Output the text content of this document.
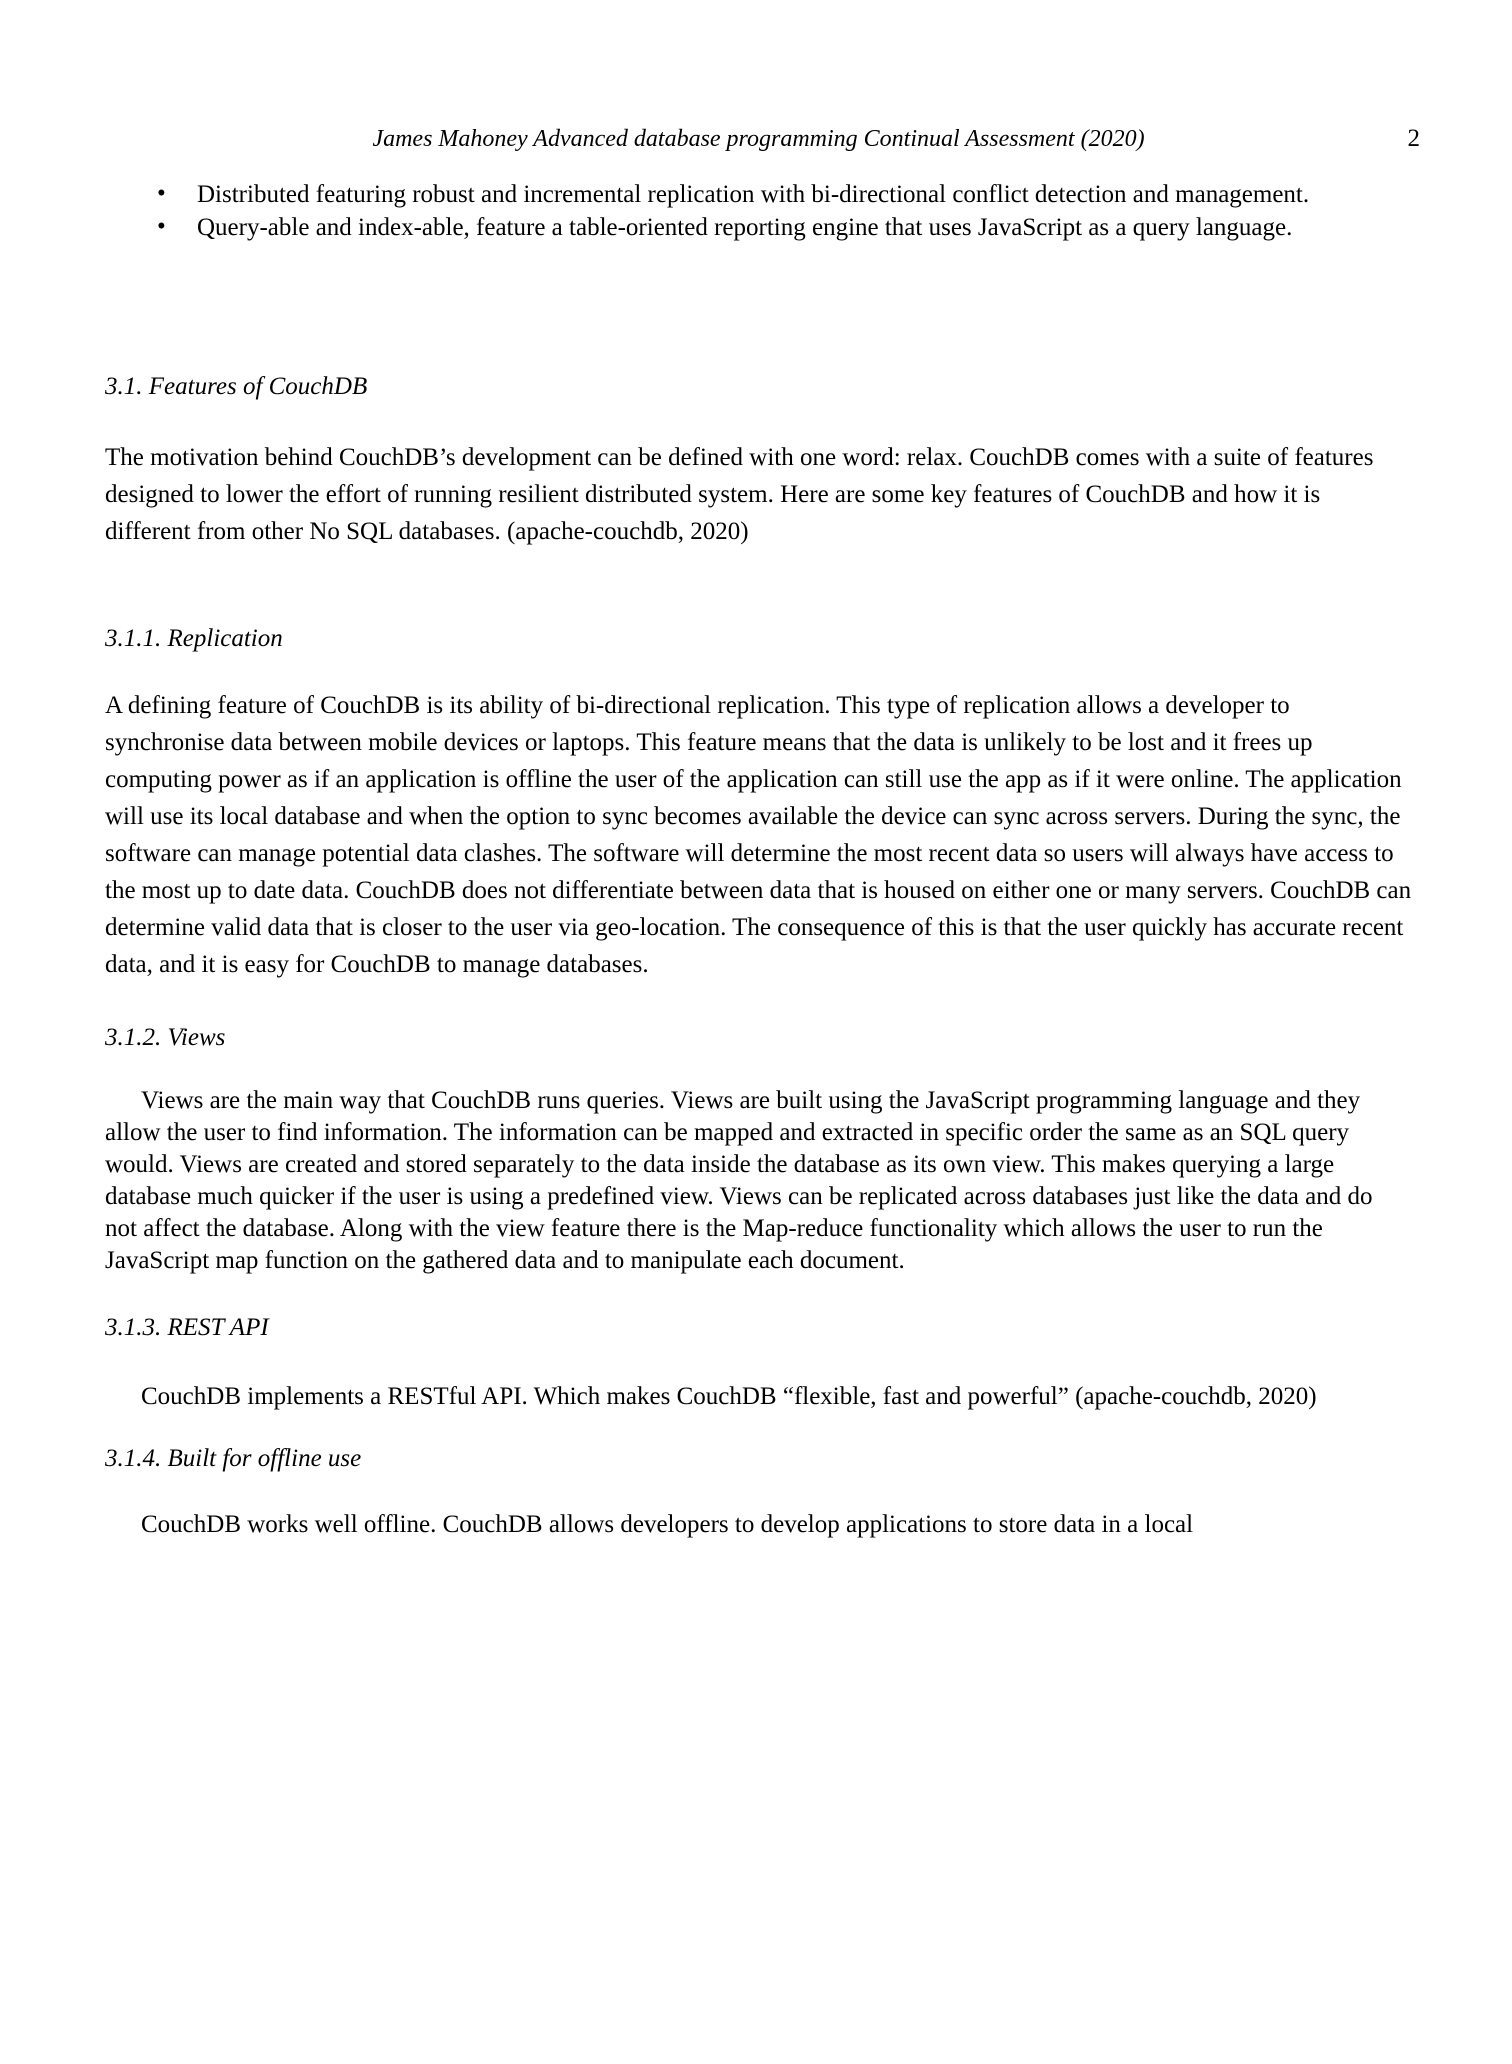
James Mahoney Advanced database programming Continual Assessment (2020)	2
• Distributed featuring robust and incremental replication with bi-directional conflict detection and management.
• Query-able and index-able, feature a table-oriented reporting engine that uses JavaScript as a query language.
3.1. Features of CouchDB

The motivation behind CouchDB’s development can be defined with one word: relax. CouchDB comes with a suite of features designed to lower the effort of running resilient distributed system. Here are some key features of CouchDB and how it is different from other No SQL databases. (apache-couchdb, 2020)

3.1.1. Replication

A defining feature of CouchDB is its ability of bi-directional replication. This type of replication allows a developer to synchronise data between mobile devices or laptops. This feature means that the data is unlikely to be lost and it frees up computing power as if an application is offline the user of the application can still use the app as if it were online. The application will use its local database and when the option to sync becomes available the device can sync across servers. During the sync, the software can manage potential data clashes. The software will determine the most recent data so users will always have access to the most up to date data. CouchDB does not differentiate between data that is housed on either one or many servers. CouchDB can determine valid data that is closer to the user via geo-location. The consequence of this is that the user quickly has accurate recent data, and it is easy for CouchDB to manage databases.

3.1.2. Views

Views are the main way that CouchDB runs queries. Views are built using the JavaScript programming language and they allow the user to find information. The information can be mapped and extracted in specific order the same as an SQL query would. Views are created and stored separately to the data inside the database as its own view. This makes querying a large database much quicker if the user is using a predefined view. Views can be replicated across databases just like the data and do not affect the database. Along with the view feature there is the Map-reduce functionality which allows the user to run the JavaScript map function on the gathered data and to manipulate each document.

3.1.3. REST API

CouchDB implements a RESTful API. Which makes CouchDB “flexible, fast and powerful” (apache-couchdb, 2020)

3.1.4. Built for offline use

CouchDB works well offline. CouchDB allows developers to develop applications to store data in a local
